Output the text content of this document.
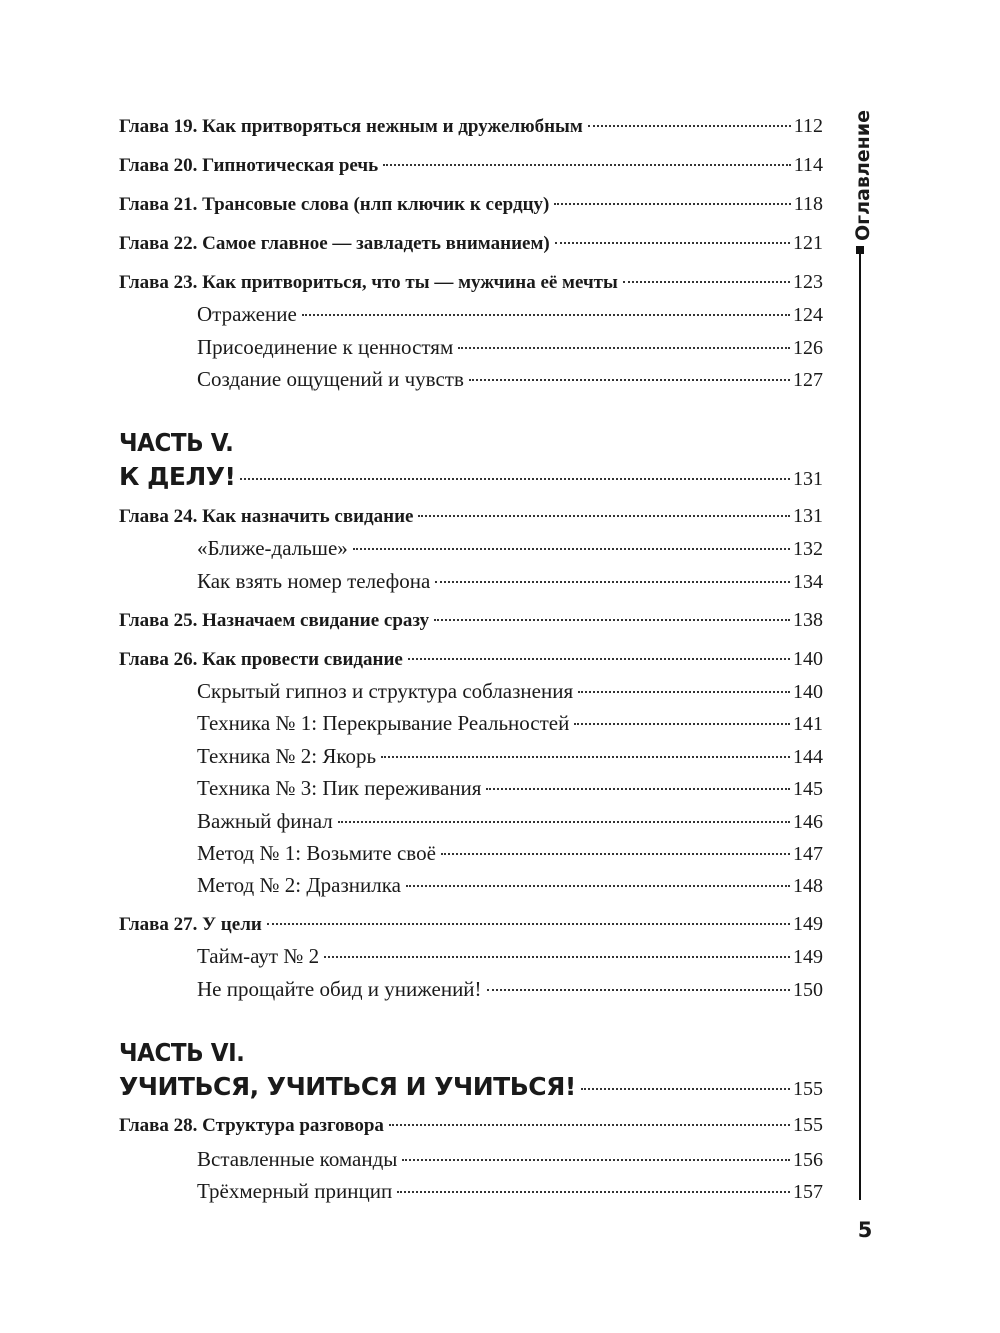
Глава 19. Как притворяться нежным и дружелюбным	112
Глава 20. Гипнотическая речь	114
Глава 21. Трансовые слова (нлп ключик к сердцу)	118
Глава 22. Самое главное — завладеть вниманием)	121
Глава 23. Как притвориться, что ты — мужчина её мечты	123
Отражение	124
Присоединение к ценностям	126
Создание ощущений и чувств	127
ЧАСТЬ V.
К ДЕЛУ!	131
Глава 24. Как назначить свидание	131
«Ближе-дальше»	132
Как взять номер телефона	134
Глава 25. Назначаем свидание сразу	138
Глава 26. Как провести свидание	140
Скрытый гипноз и структура соблазнения	140
Техника № 1: Перекрывание Реальностей	141
Техника № 2: Якорь	144
Техника № 3: Пик переживания	145
Важный финал	146
Метод № 1: Возьмите своё	147
Метод № 2: Дразнилка	148
Глава 27. У цели	149
Тайм-аут № 2	149
Не прощайте обид и унижений!	150
ЧАСТЬ VI.
УЧИТЬСЯ, УЧИТЬСЯ И УЧИТЬСЯ!	155
Глава 28. Структура разговора	155
Вставленные команды	156
Трёхмерный принцип	157
Оглавление
5
